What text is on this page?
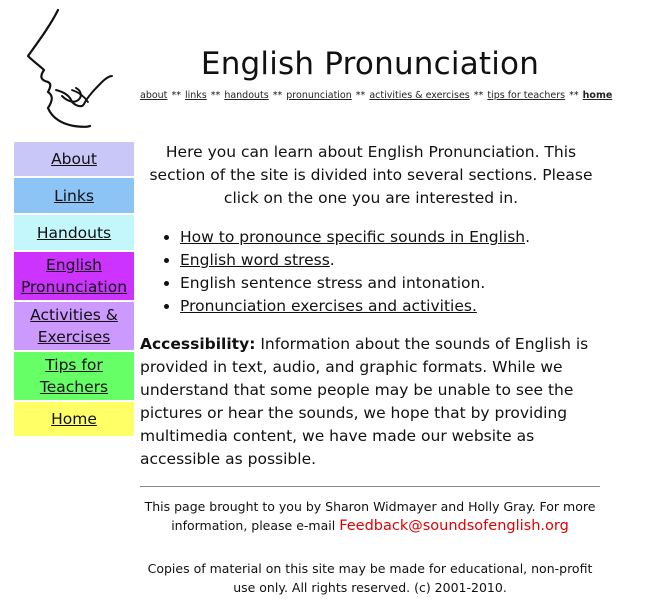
English Pronunciation
about ** links ** handouts ** pronunciation ** activities & exercises ** tips for teachers ** home
About
Links
Handouts
English Pronunciation
Activities & Exercises
Tips for Teachers
Home
Here you can learn about English Pronunciation. This section of the site is divided into several sections. Please click on the one you are interested in.
• How to pronounce specific sounds in English.
• English word stress.
• English sentence stress and intonation.
• Pronunciation exercises and activities.
Accessibility: Information about the sounds of English is provided in text, audio, and graphic formats. While we understand that some people may be unable to see the pictures or hear the sounds, we hope that by providing multimedia content, we have made our website as accessible as possible.
This page brought to you by Sharon Widmayer and Holly Gray. For more information, please e-mail Feedback@soundsofenglish.org
Copies of material on this site may be made for educational, non-profit use only. All rights reserved. (c) 2001-2010.
